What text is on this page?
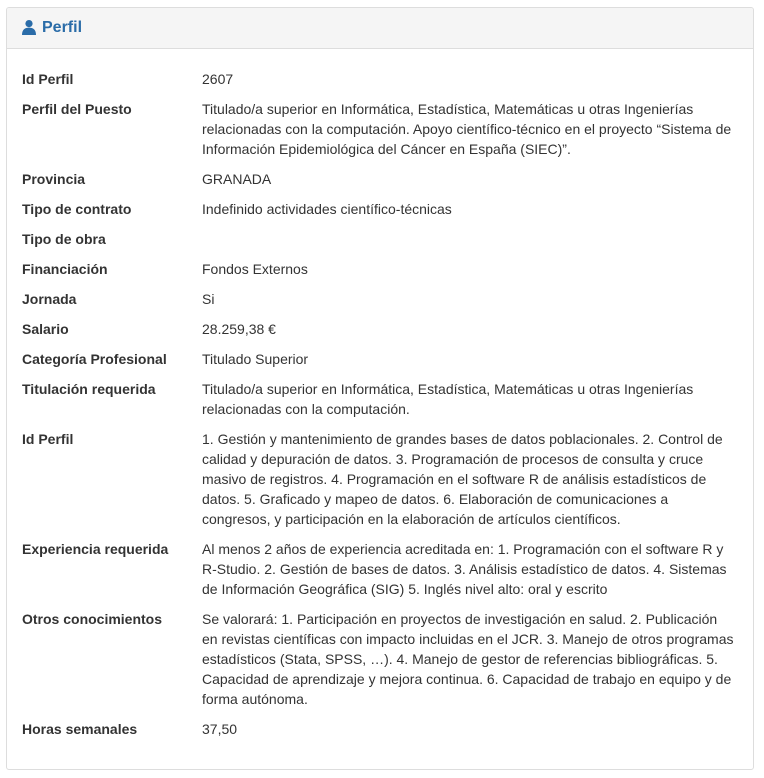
Perfil
Id Perfil	2607
Perfil del Puesto	Titulado/a superior en Informática, Estadística, Matemáticas u otras Ingenierías relacionadas con la computación. Apoyo científico-técnico en el proyecto “Sistema de Información Epidemiológica del Cáncer en España (SIEC)”.
Provincia	GRANADA
Tipo de contrato	Indefinido actividades científico-técnicas
Tipo de obra
Financiación	Fondos Externos
Jornada	Si
Salario	28.259,38 €
Categoría Profesional	Titulado Superior
Titulación requerida	Titulado/a superior en Informática, Estadística, Matemáticas u otras Ingenierías relacionadas con la computación.
Id Perfil	1. Gestión y mantenimiento de grandes bases de datos poblacionales. 2. Control de calidad y depuración de datos. 3. Programación de procesos de consulta y cruce masivo de registros. 4. Programación en el software R de análisis estadísticos de datos. 5. Graficado y mapeo de datos. 6. Elaboración de comunicaciones a congresos, y participación en la elaboración de artículos científicos.
Experiencia requerida	Al menos 2 años de experiencia acreditada en: 1. Programación con el software R y R-Studio. 2. Gestión de bases de datos. 3. Análisis estadístico de datos. 4. Sistemas de Información Geográfica (SIG) 5. Inglés nivel alto: oral y escrito
Otros conocimientos	Se valorará: 1. Participación en proyectos de investigación en salud. 2. Publicación en revistas científicas con impacto incluidas en el JCR. 3. Manejo de otros programas estadísticos (Stata, SPSS, …). 4. Manejo de gestor de referencias bibliográficas. 5. Capacidad de aprendizaje y mejora continua. 6. Capacidad de trabajo en equipo y de forma autónoma.
Horas semanales	37,50
